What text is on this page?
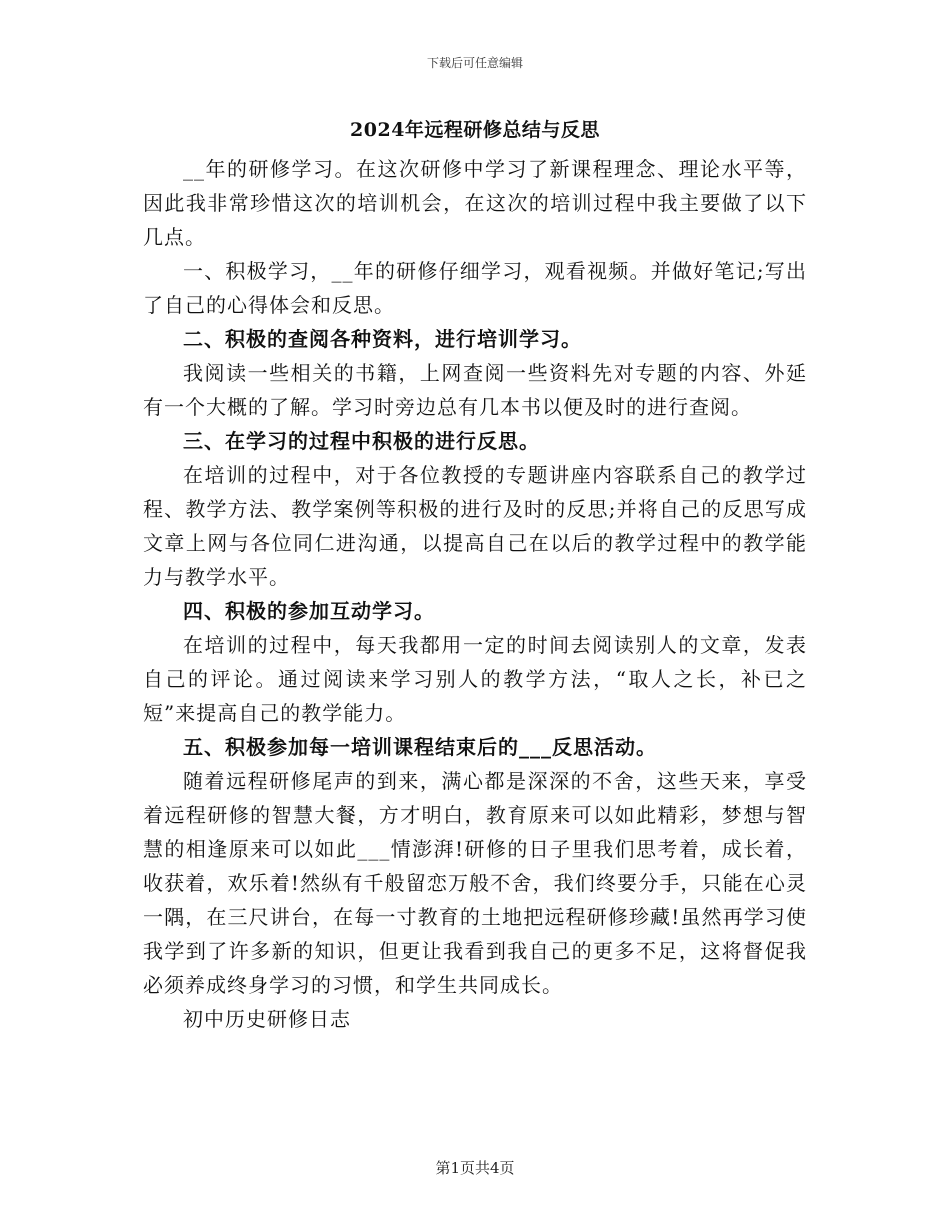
下载后可任意编辑
2024年远程研修总结与反思

__年的研修学习。在这次研修中学习了新课程理念、理论水平等，因此我非常珍惜这次的培训机会，在这次的培训过程中我主要做了以下几点。

一、积极学习，__年的研修仔细学习，观看视频。并做好笔记;写出了自己的心得体会和反思。

二、积极的查阅各种资料，进行培训学习。

我阅读一些相关的书籍，上网查阅一些资料先对专题的内容、外延有一个大概的了解。学习时旁边总有几本书以便及时的进行查阅。

三、在学习的过程中积极的进行反思。

在培训的过程中，对于各位教授的专题讲座内容联系自己的教学过程、教学方法、教学案例等积极的进行及时的反思;并将自己的反思写成文章上网与各位同仁进沟通，以提高自己在以后的教学过程中的教学能力与教学水平。

四、积极的参加互动学习。

在培训的过程中，每天我都用一定的时间去阅读别人的文章，发表自己的评论。通过阅读来学习别人的教学方法，“取人之长，补已之短”来提高自己的教学能力。

五、积极参加每一培训课程结束后的___反思活动。

随着远程研修尾声的到来，满心都是深深的不舍，这些天来，享受着远程研修的智慧大餐，方才明白，教育原来可以如此精彩，梦想与智慧的相逢原来可以如此___情澎湃!研修的日子里我们思考着，成长着，收获着，欢乐着!然纵有千般留恋万般不舍，我们终要分手，只能在心灵一隅，在三尺讲台，在每一寸教育的土地把远程研修珍藏!虽然再学习使我学到了许多新的知识，但更让我看到我自己的更多不足，这将督促我必须养成终身学习的习惯，和学生共同成长。

初中历史研修日志

第1页共4页
